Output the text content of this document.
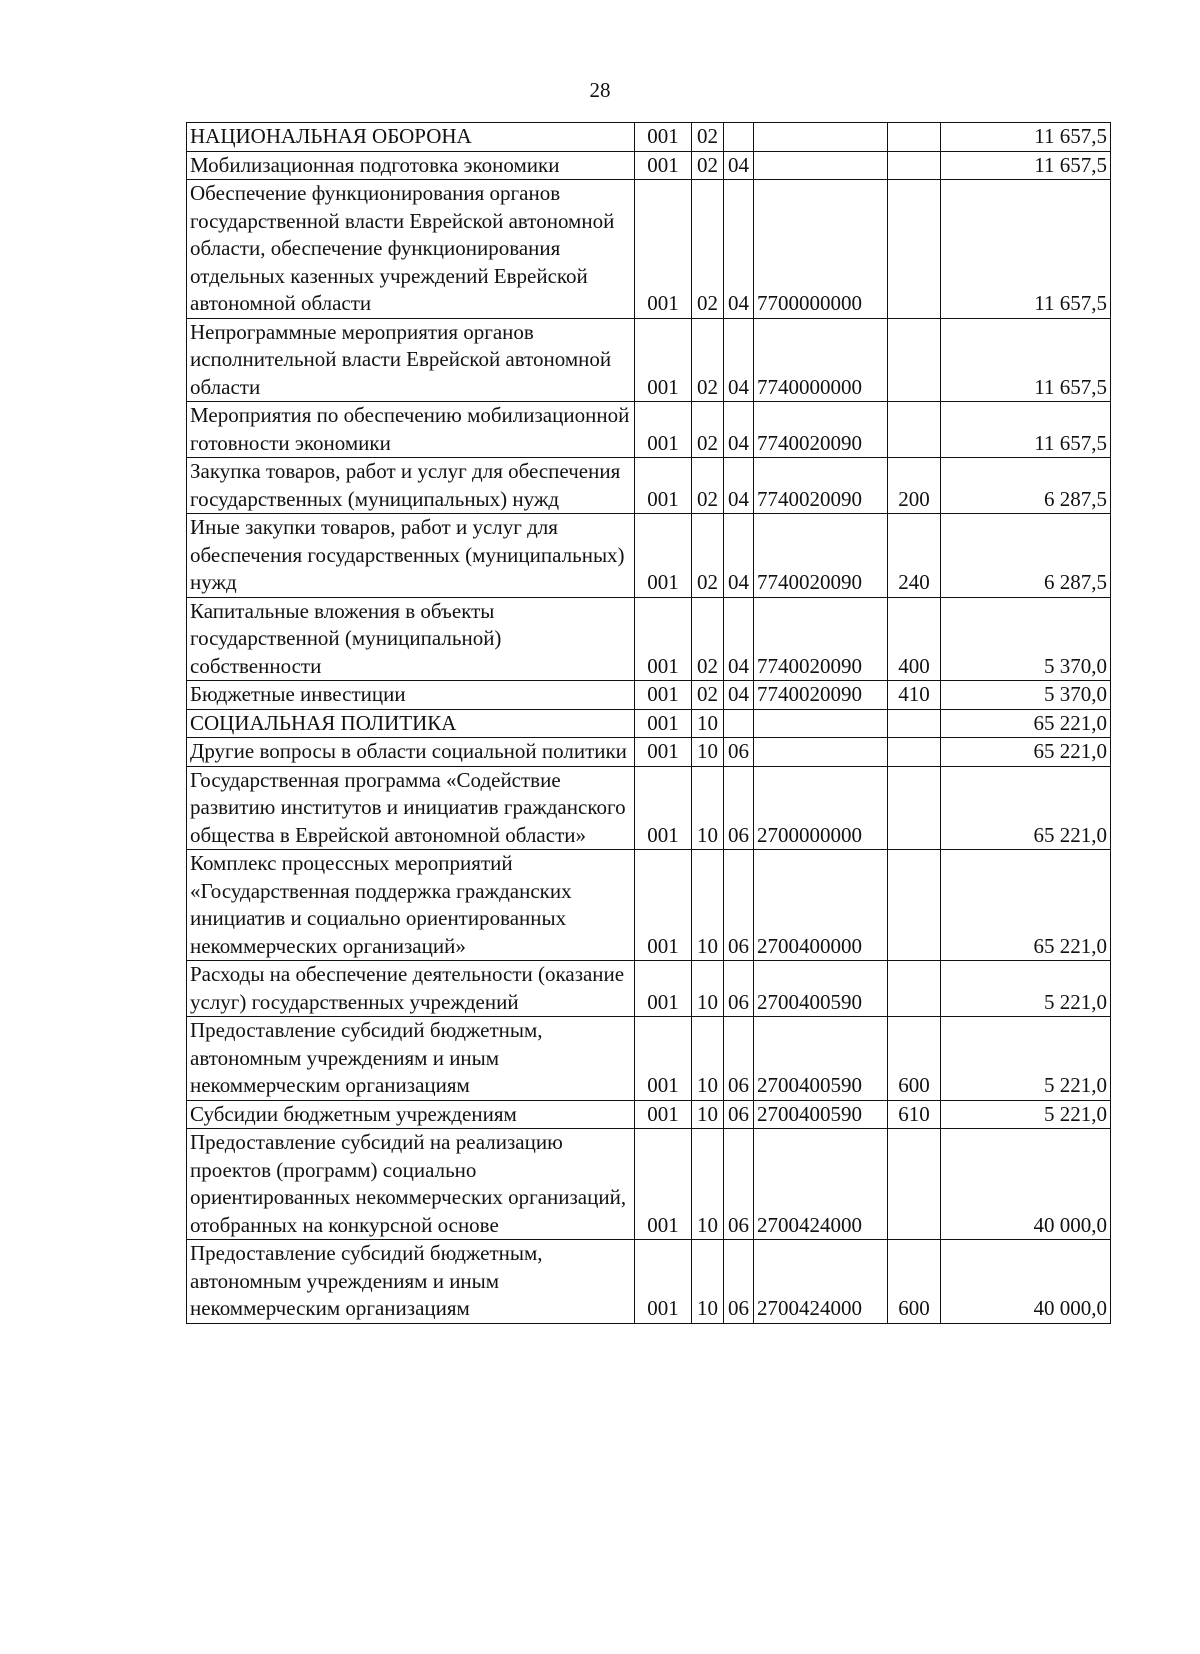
28
НАЦИОНАЛЬНАЯ ОБОРОНА	001	02				11 657,5
Мобилизационная подготовка экономики	001	02	04			11 657,5
Обеспечение функционирования органов государственной власти Еврейской автономной области, обеспечение функционирования отдельных казенных учреждений Еврейской автономной области	001	02	04	7700000000		11 657,5
Непрограммные мероприятия органов исполнительной власти Еврейской автономной области	001	02	04	7740000000		11 657,5
Мероприятия по обеспечению мобилизационной готовности экономики	001	02	04	7740020090		11 657,5
Закупка товаров, работ и услуг для обеспечения государственных (муниципальных) нужд	001	02	04	7740020090	200	6 287,5
Иные закупки товаров, работ и услуг для обеспечения государственных (муниципальных) нужд	001	02	04	7740020090	240	6 287,5
Капитальные вложения в объекты государственной (муниципальной) собственности	001	02	04	7740020090	400	5 370,0
Бюджетные инвестиции	001	02	04	7740020090	410	5 370,0
СОЦИАЛЬНАЯ ПОЛИТИКА	001	10				65 221,0
Другие вопросы в области социальной политики	001	10	06			65 221,0
Государственная программа «Содействие развитию институтов и инициатив гражданского общества в Еврейской автономной области»	001	10	06	2700000000		65 221,0
Комплекс процессных мероприятий «Государственная поддержка гражданских инициатив и социально ориентированных некоммерческих организаций»	001	10	06	2700400000		65 221,0
Расходы на обеспечение деятельности (оказание услуг) государственных учреждений	001	10	06	2700400590		5 221,0
Предоставление субсидий бюджетным, автономным учреждениям и иным некоммерческим организациям	001	10	06	2700400590	600	5 221,0
Субсидии бюджетным учреждениям	001	10	06	2700400590	610	5 221,0
Предоставление субсидий на реализацию проектов (программ) социально ориентированных некоммерческих организаций, отобранных на конкурсной основе	001	10	06	2700424000		40 000,0
Предоставление субсидий бюджетным, автономным учреждениям и иным некоммерческим организациям	001	10	06	2700424000	600	40 000,0
